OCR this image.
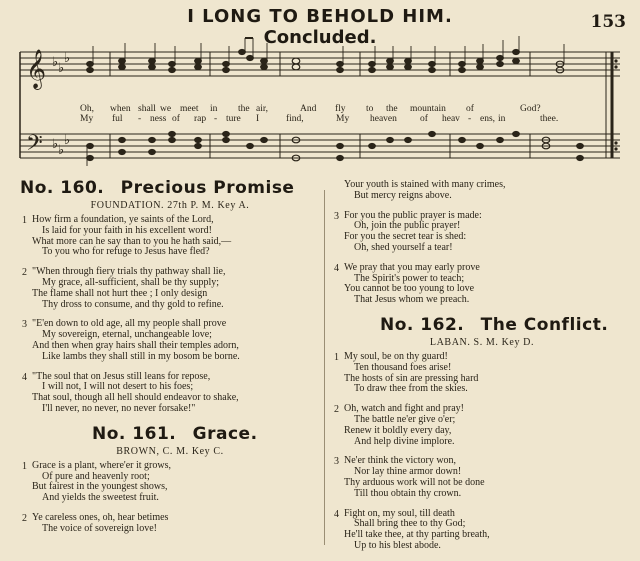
I LONG TO BEHOLD HIM. Concluded.
153
𝄞
𝄢
♭ ♭
♭
♭ ♭
♭
Oh, when shall we meet in the air,	And fly to the mountain of	God?
My ful - ness of rap - ture I	find,	My heaven of heav - ens, in	thee.
No. 160. Precious Promise
FOUNDATION. 27th P. M. Key A.
1 How firm a foundation, ye saints of the Lord,
Is laid for your faith in his excellent word!
What more can he say than to you he hath said,—
To you who for refuge to Jesus have fled?
2 "When through fiery trials thy pathway shall lie,
My grace, all-sufficient, shall be thy supply;
The flame shall not hurt thee ; I only design
Thy dross to consume, and thy gold to refine.
3 "E'en down to old age, all my people shall prove
My sovereign, eternal, unchangeable love;
And then when gray hairs shall their temples adorn,
Like lambs they shall still in my bosom be borne.
4 "The soul that on Jesus still leans for repose,
I will not, I will not desert to his foes;
That soul, though all hell should endeavor to shake,
I'll never, no never, no never forsake!"
No. 161. Grace.
BROWN, C. M. Key C.
1 Grace is a plant, where'er it grows,
Of pure and heavenly root;
But fairest in the youngest shows,
And yields the sweetest fruit.
2 Ye careless ones, oh, hear betimes
The voice of sovereign love!
Your youth is stained with many crimes,
But mercy reigns above.
3 For you the public prayer is made:
Oh, join the public prayer!
For you the secret tear is shed:
Oh, shed yourself a tear!
4 We pray that you may early prove
The Spirit's power to teach;
You cannot be too young to love
That Jesus whom we preach.
No. 162. The Conflict.
LABAN. S. M. Key D.
1 My soul, be on thy guard!
Ten thousand foes arise!
The hosts of sin are pressing hard
To draw thee from the skies.
2 Oh, watch and fight and pray!
The battle ne'er give o'er;
Renew it boldly every day,
And help divine implore.
3 Ne'er think the victory won,
Nor lay thine armor down!
Thy arduous work will not be done
Till thou obtain thy crown.
4 Fight on, my soul, till death
Shall bring thee to thy God;
He'll take thee, at thy parting breath,
Up to his blest abode.
